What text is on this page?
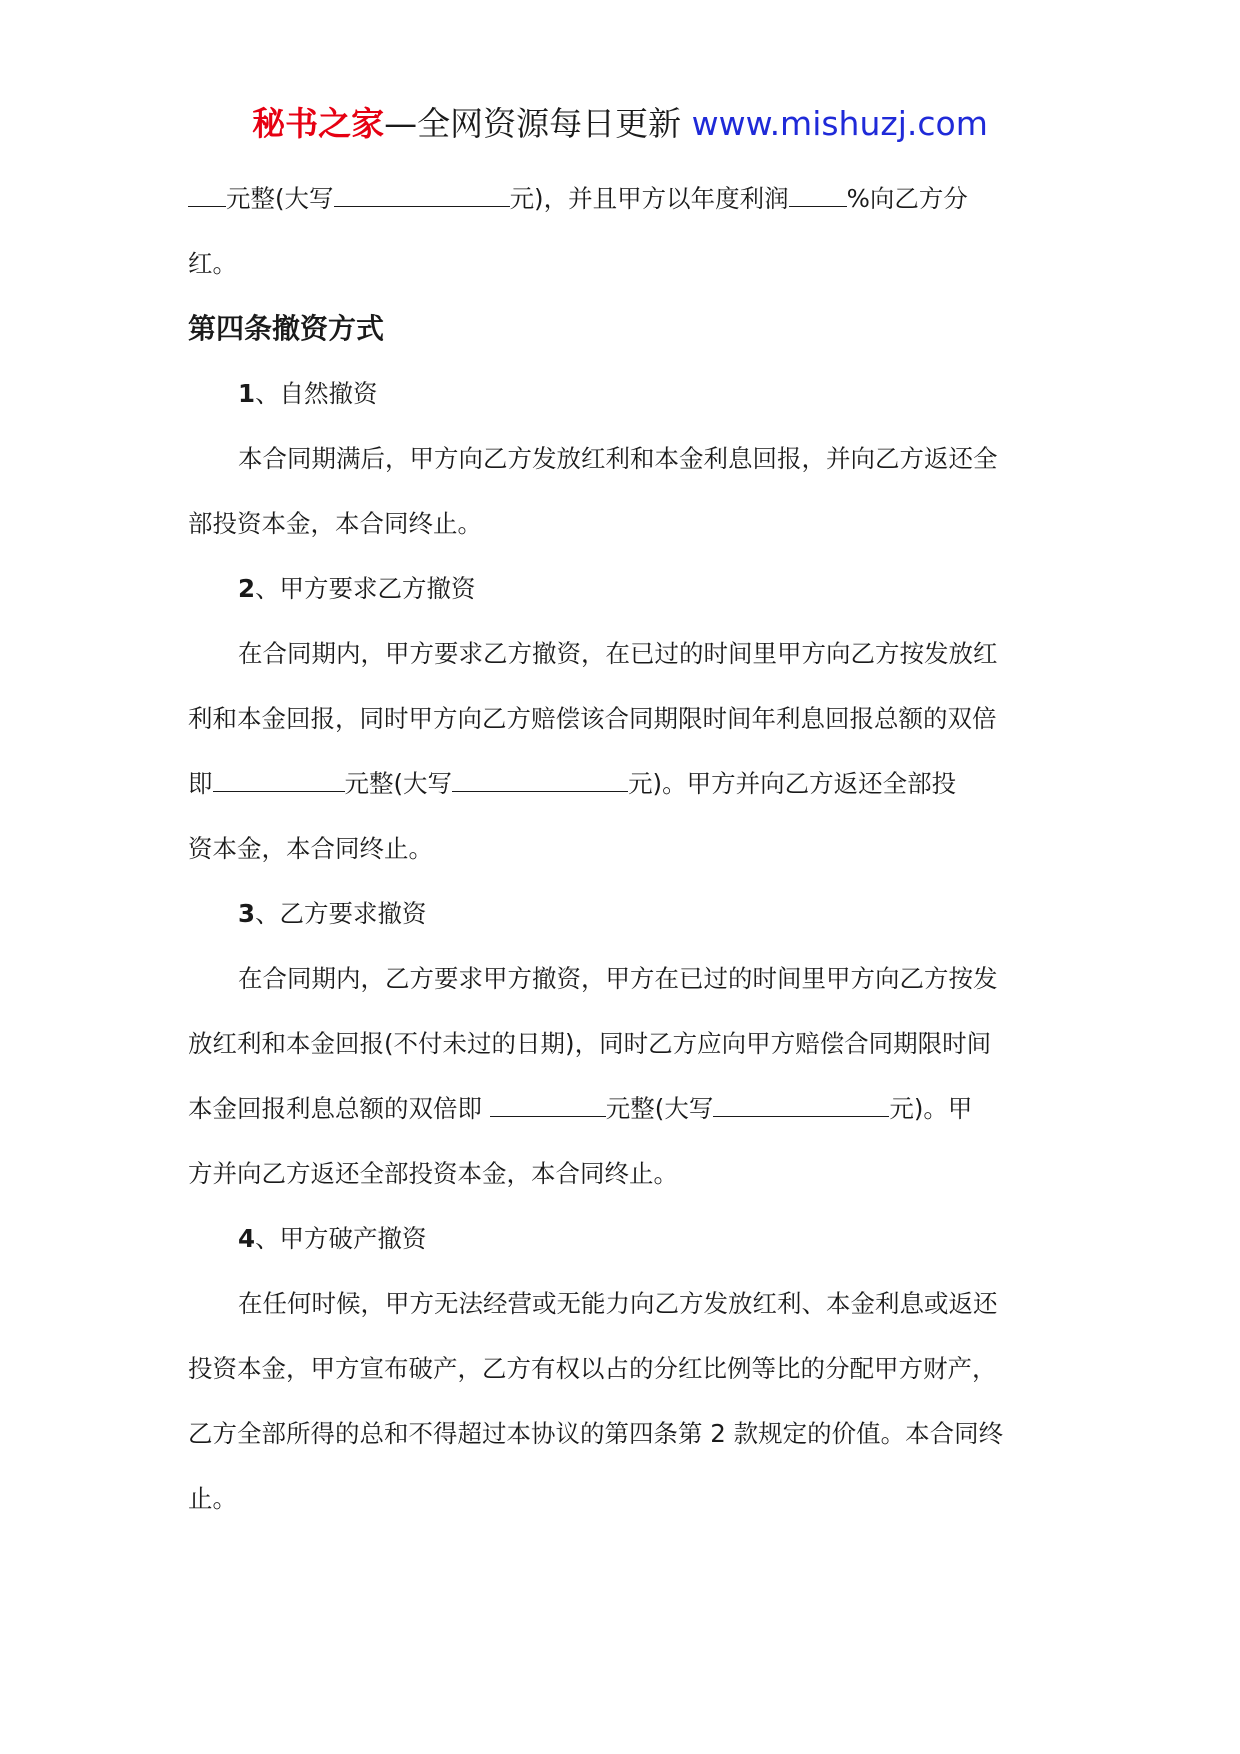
秘书之家—全网资源每日更新 www.mishuzj.com

元整(大写	元)，并且甲方以年度利润 %向乙方分

红。

第四条撤资方式

1、自然撤资

本合同期满后，甲方向乙方发放红利和本金利息回报，并向乙方返还全

部投资本金，本合同终止。

2、甲方要求乙方撤资

在合同期内，甲方要求乙方撤资，在已过的时间里甲方向乙方按发放红

利和本金回报，同时甲方向乙方赔偿该合同期限时间年利息回报总额的双倍

即	元整(大写	元)。甲方并向乙方返还全部投

资本金，本合同终止。

3、乙方要求撤资

在合同期内，乙方要求甲方撤资，甲方在已过的时间里甲方向乙方按发

放红利和本金回报(不付未过的日期)，同时乙方应向甲方赔偿合同期限时间

本金回报利息总额的双倍即	元整(大写	元)。甲

方并向乙方返还全部投资本金，本合同终止。

4、甲方破产撤资

在任何时候，甲方无法经营或无能力向乙方发放红利、本金利息或返还

投资本金，甲方宣布破产，乙方有权以占的分红比例等比的分配甲方财产，

乙方全部所得的总和不得超过本协议的第四条第 2 款规定的价值。本合同终

止。
